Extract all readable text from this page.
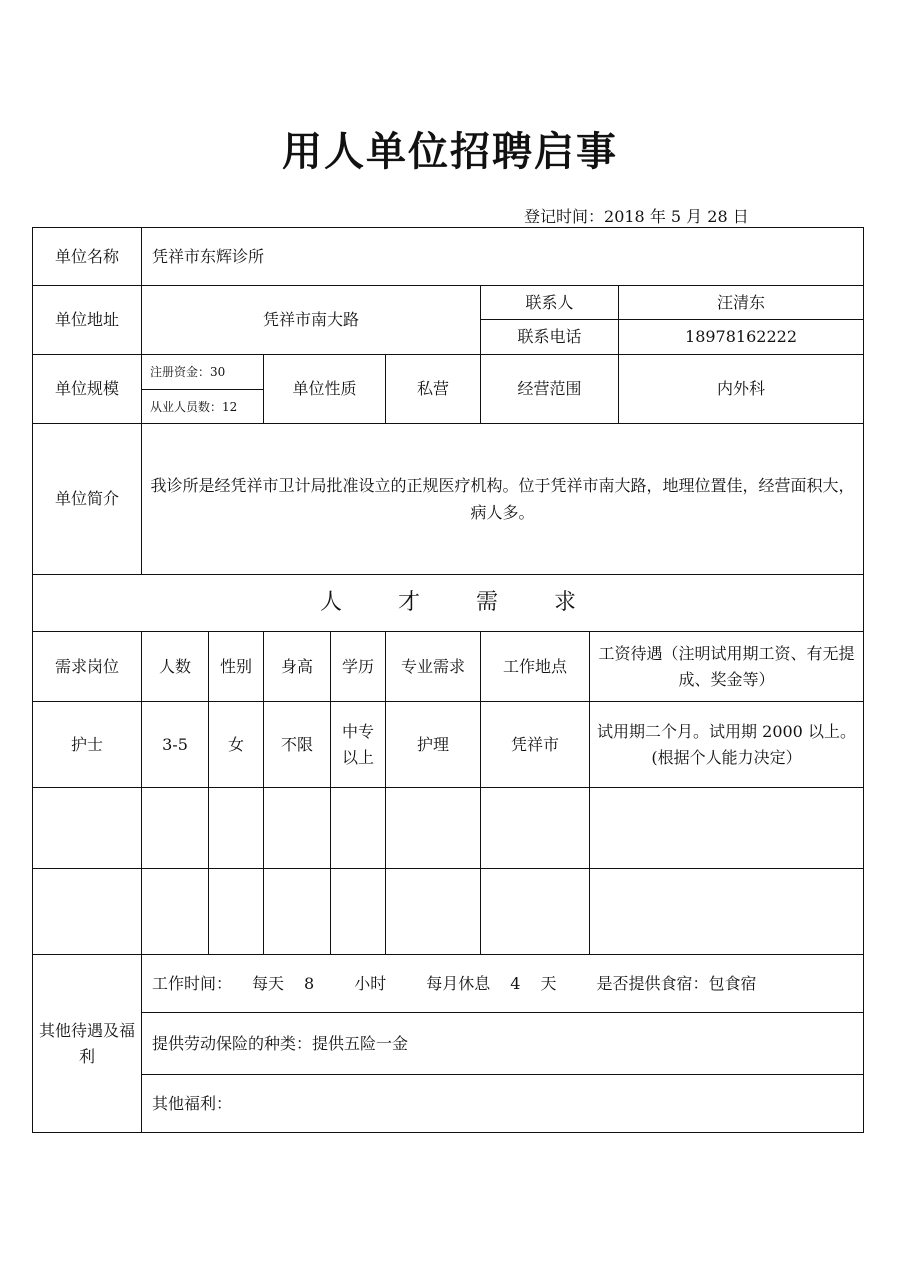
用人单位招聘启事
登记时间：2018 年 5 月 28 日
单位名称	凭祥市东辉诊所							
单位地址	凭祥市南大路					联系人		汪清东
						联系电话		18978162222
单位规模	注册资金：30		单位性质		私营	经营范围		内外科
	从业人员数：12							
单位简介	我诊所是经凭祥市卫计局批准设立的正规医疗机构。位于凭祥市南大路，地理位置佳，经营面积大，病人多。							
人 才 需 求								
需求岗位	人数	性别	身高	学历	专业需求	工作地点	工资待遇（注明试用期工资、有无提成、奖金等）	
护士	3-5	女	不限	中专以上	护理	凭祥市	试用期二个月。试用期 2000 以上。(根据个人能力决定）	

其他待遇及福利	工作时间： 每天 8 小时 每月休息 4 天 是否提供食宿：包食宿							
	提供劳动保险的种类：提供五险一金							
	其他福利：							
